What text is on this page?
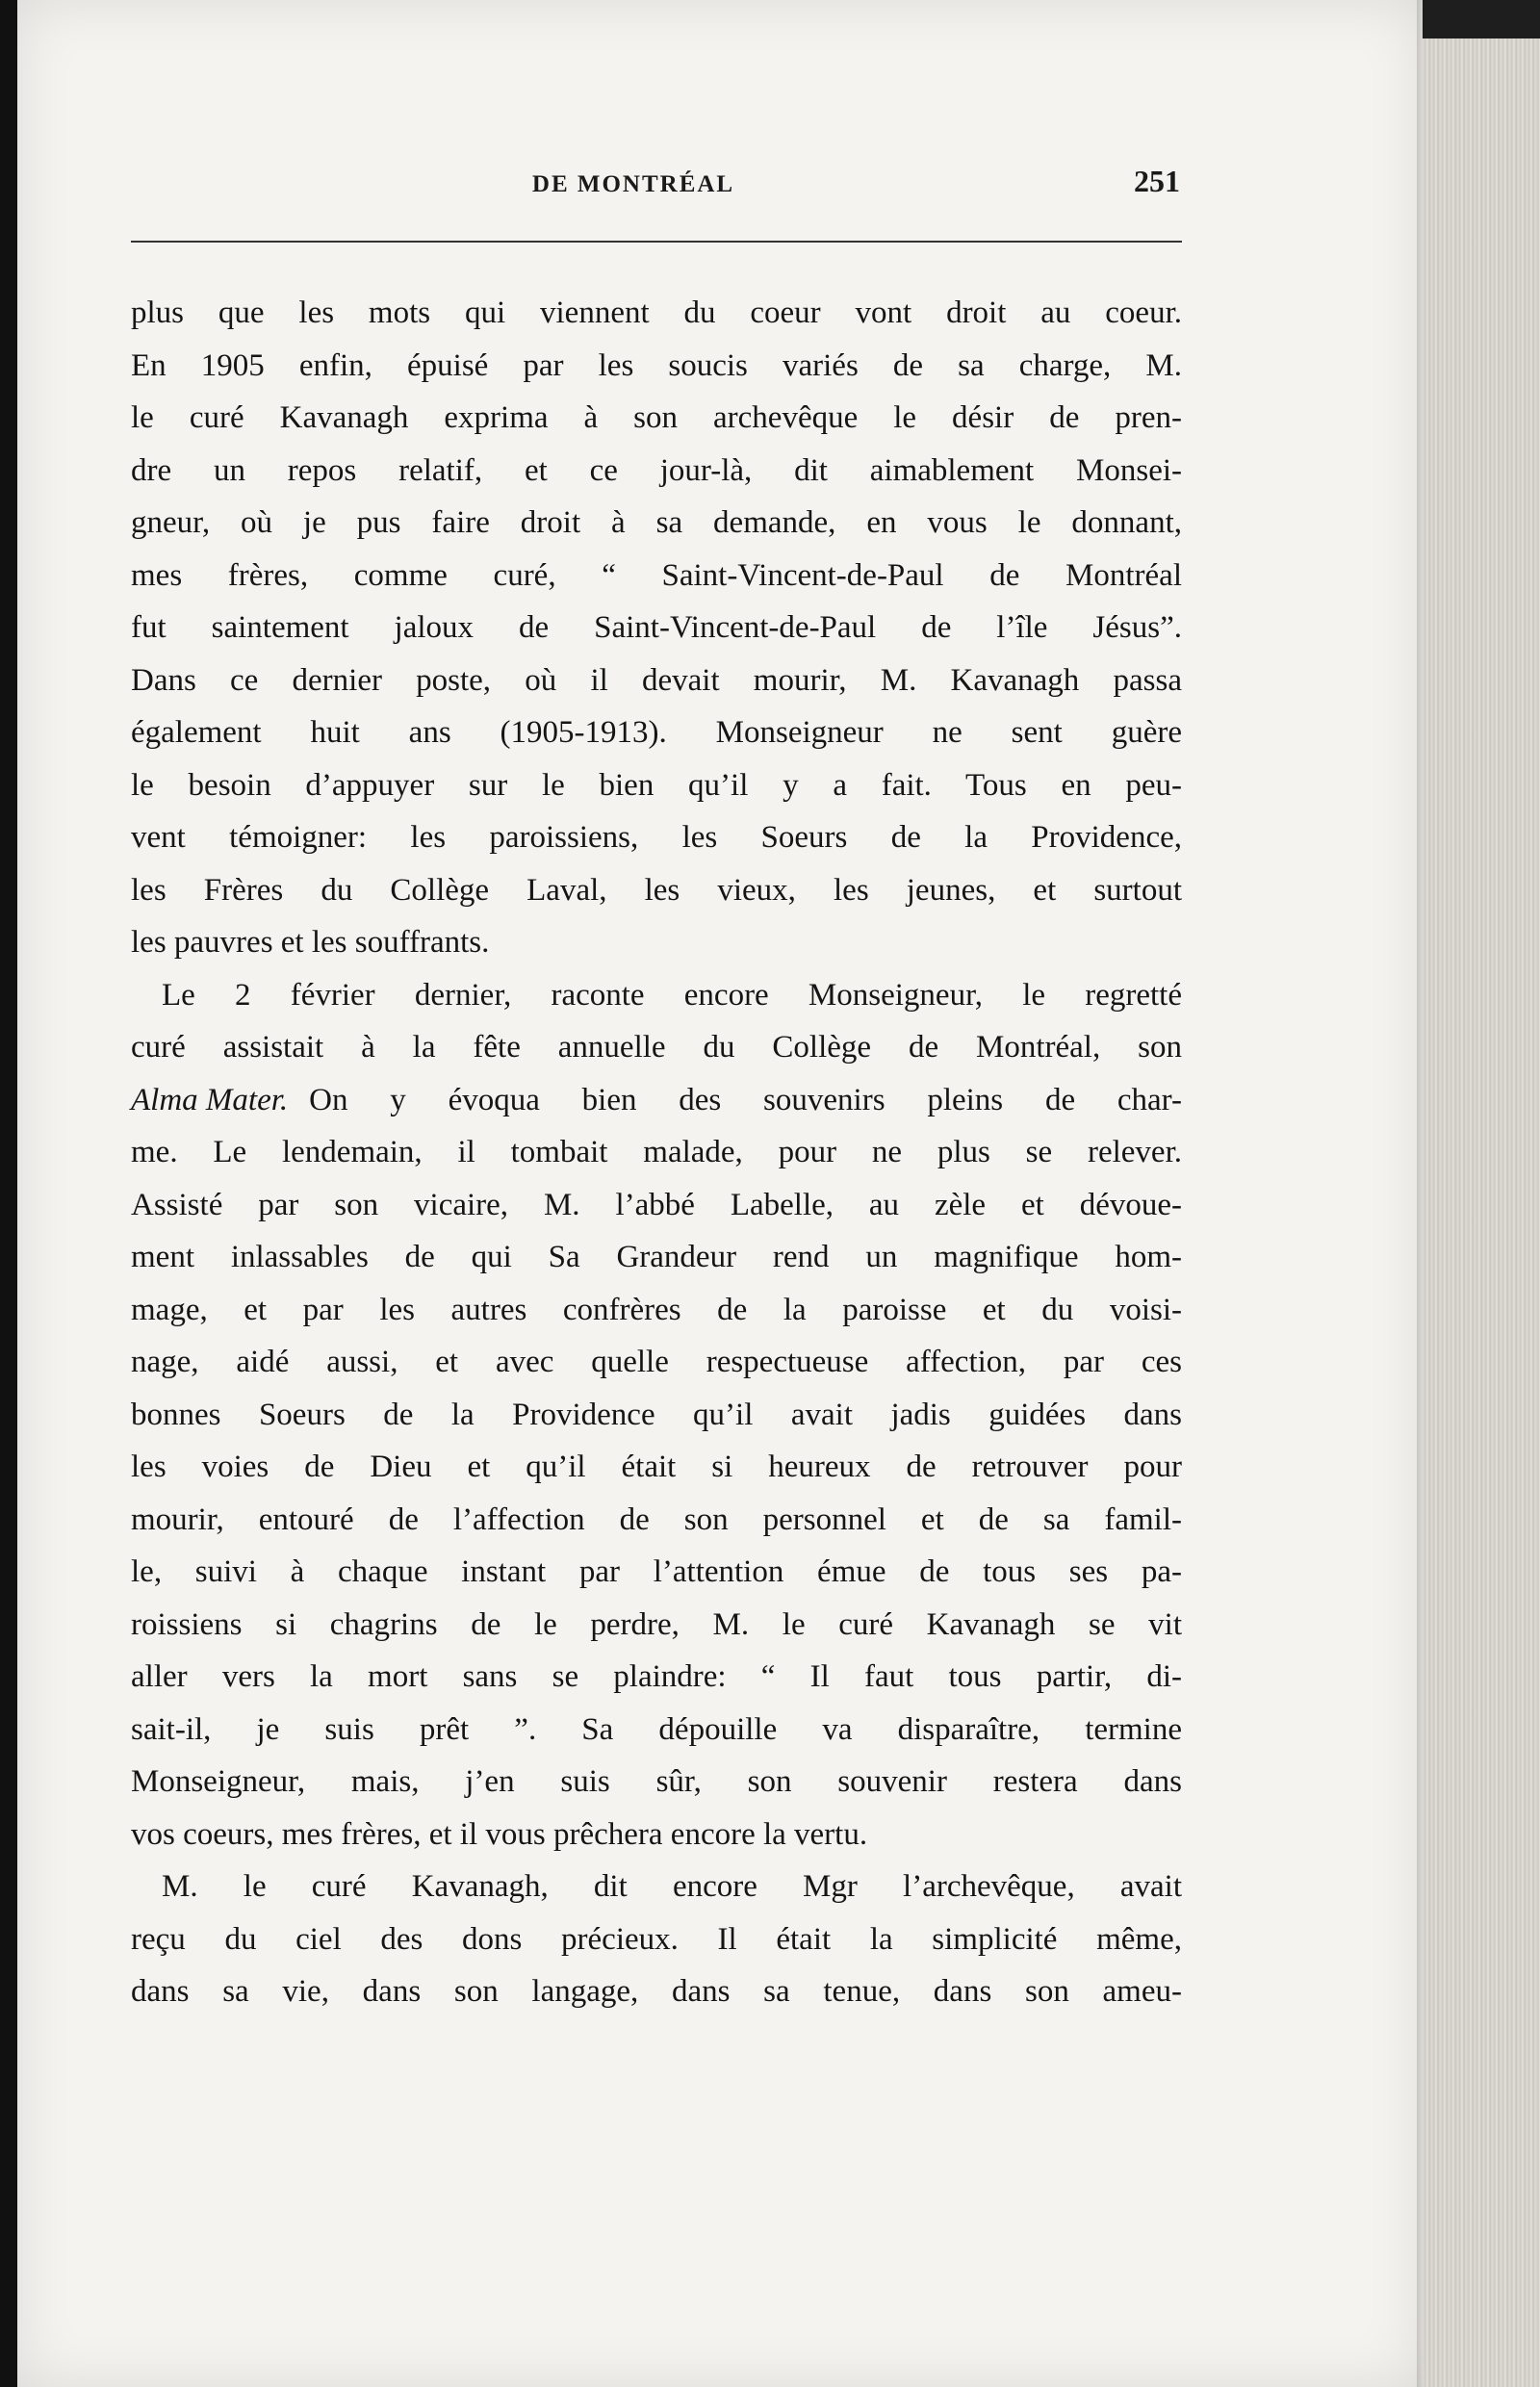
DE MONTRÉAL	251
plus que les mots qui viennent du coeur vont droit au coeur.
En 1905 enfin, épuisé par les soucis variés de sa charge, M.
le curé Kavanagh exprima à son archevêque le désir de pren-
dre un repos relatif, et ce jour-là, dit aimablement Monsei-
gneur, où je pus faire droit à sa demande, en vous le donnant,
mes frères, comme curé, “ Saint-Vincent-de-Paul de Montréal
fut saintement jaloux de Saint-Vincent-de-Paul de l’île Jésus”.
Dans ce dernier poste, où il devait mourir, M. Kavanagh passa
également huit ans (1905-1913). Monseigneur ne sent guère
le besoin d’appuyer sur le bien qu’il y a fait. Tous en peu-
vent témoigner: les paroissiens, les Soeurs de la Providence,
les Frères du Collège Laval, les vieux, les jeunes, et surtout
les pauvres et les souffrants.
Le 2 février dernier, raconte encore Monseigneur, le regretté
curé assistait à la fête annuelle du Collège de Montréal, son
Alma Mater. On y évoqua bien des souvenirs pleins de char-
me. Le lendemain, il tombait malade, pour ne plus se relever.
Assisté par son vicaire, M. l’abbé Labelle, au zèle et dévoue-
ment inlassables de qui Sa Grandeur rend un magnifique hom-
mage, et par les autres confrères de la paroisse et du voisi-
nage, aidé aussi, et avec quelle respectueuse affection, par ces
bonnes Soeurs de la Providence qu’il avait jadis guidées dans
les voies de Dieu et qu’il était si heureux de retrouver pour
mourir, entouré de l’affection de son personnel et de sa famil-
le, suivi à chaque instant par l’attention émue de tous ses pa-
roissiens si chagrins de le perdre, M. le curé Kavanagh se vit
aller vers la mort sans se plaindre: “ Il faut tous partir, di-
sait-il, je suis prêt ”. Sa dépouille va disparaître, termine
Monseigneur, mais, j’en suis sûr, son souvenir restera dans
vos coeurs, mes frères, et il vous prêchera encore la vertu.
M. le curé Kavanagh, dit encore Mgr l’archevêque, avait
reçu du ciel des dons précieux. Il était la simplicité même,
dans sa vie, dans son langage, dans sa tenue, dans son ameu-
